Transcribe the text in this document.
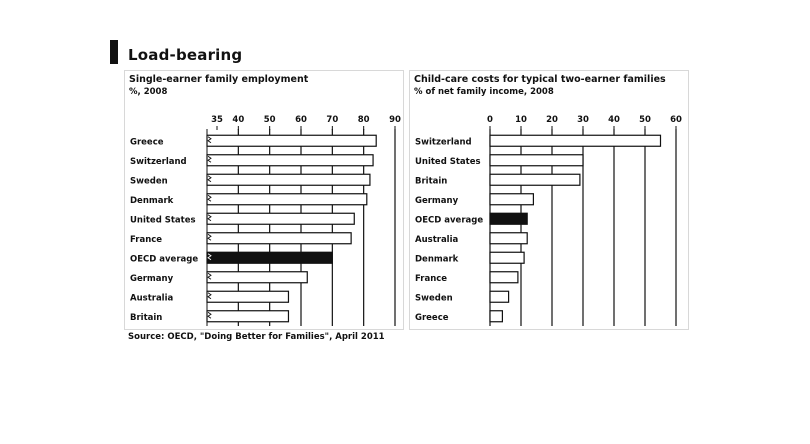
Load-bearing
Single-earner family employment
%, 2008
35 40 50 60 70 80 90
Greece
Switzerland
Sweden
Denmark
United States
France
OECD average
Germany
Australia
Britain
Child-care costs for typical two-earner families
% of net family income, 2008
0	10 20 30 40 50 60
Switzerland
United States
Britain
Germany
OECD average
Australia
Denmark
France
Sweden
Greece
Source: OECD, "Doing Better for Families", April 2011
